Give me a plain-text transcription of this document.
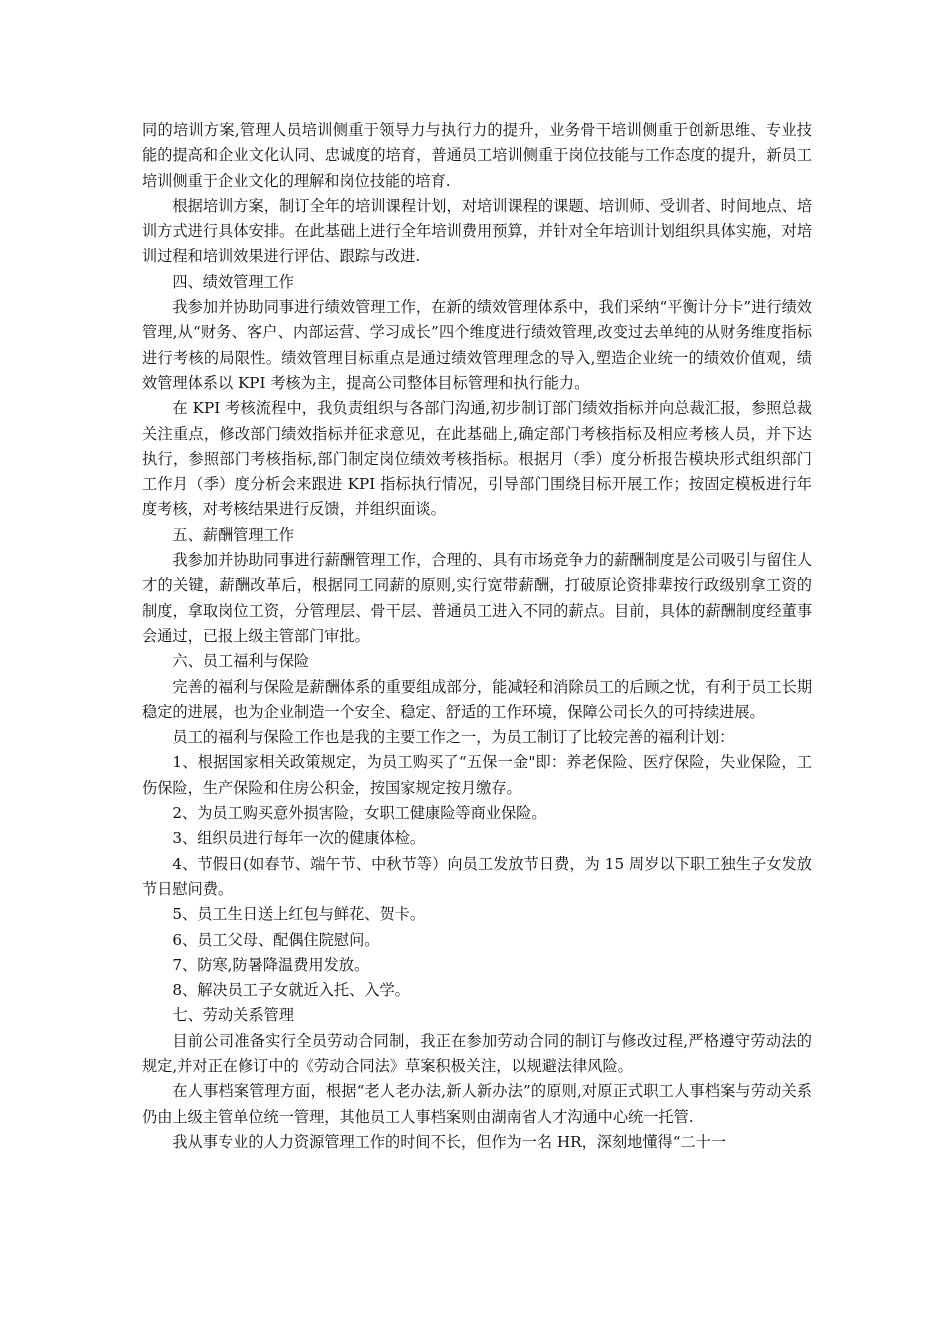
同的培训方案,管理人员培训侧重于领导力与执行力的提升，业务骨干培训侧重于创新思维、专业技能的提高和企业文化认同、忠诚度的培育，普通员工培训侧重于岗位技能与工作态度的提升，新员工培训侧重于企业文化的理解和岗位技能的培育.

根据培训方案，制订全年的培训课程计划，对培训课程的课题、培训师、受训者、时间地点、培训方式进行具体安排。在此基础上进行全年培训费用预算，并针对全年培训计划组织具体实施，对培训过程和培训效果进行评估、跟踪与改进.

四、绩效管理工作

我参加并协助同事进行绩效管理工作，在新的绩效管理体系中，我们采纳“平衡计分卡”进行绩效管理,从“财务、客户、内部运营、学习成长”四个维度进行绩效管理,改变过去单纯的从财务维度指标进行考核的局限性。绩效管理目标重点是通过绩效管理理念的导入,塑造企业统一的绩效价值观，绩效管理体系以 KPI 考核为主，提高公司整体目标管理和执行能力。

在 KPI 考核流程中，我负责组织与各部门沟通,初步制订部门绩效指标并向总裁汇报，参照总裁关注重点，修改部门绩效指标并征求意见，在此基础上,确定部门考核指标及相应考核人员，并下达执行，参照部门考核指标,部门制定岗位绩效考核指标。根据月（季）度分析报告模块形式组织部门工作月（季）度分析会来跟进 KPI 指标执行情况，引导部门围绕目标开展工作；按固定模板进行年度考核，对考核结果进行反馈，并组织面谈。

五、薪酬管理工作

我参加并协助同事进行薪酬管理工作，合理的、具有市场竞争力的薪酬制度是公司吸引与留住人才的关键，薪酬改革后，根据同工同薪的原则,实行宽带薪酬，打破原论资排辈按行政级别拿工资的制度，拿取岗位工资，分管理层、骨干层、普通员工进入不同的薪点。目前，具体的薪酬制度经董事会通过，已报上级主管部门审批。

六、员工福利与保险

完善的福利与保险是薪酬体系的重要组成部分，能减轻和消除员工的后顾之忧，有利于员工长期稳定的进展，也为企业制造一个安全、稳定、舒适的工作环境，保障公司长久的可持续进展。

员工的福利与保险工作也是我的主要工作之一，为员工制订了比较完善的福利计划：

1、根据国家相关政策规定，为员工购买了“五保一金"即：养老保险、医疗保险，失业保险，工伤保险，生产保险和住房公积金，按国家规定按月缴存。

2、为员工购买意外损害险，女职工健康险等商业保险。

3、组织员进行每年一次的健康体检。

4、节假日(如春节、端午节、中秋节等）向员工发放节日费，为 15 周岁以下职工独生子女发放节日慰问费。

5、员工生日送上红包与鲜花、贺卡。

6、员工父母、配偶住院慰问。

7、防寒,防暑降温费用发放。

8、解决员工子女就近入托、入学。

七、劳动关系管理

目前公司准备实行全员劳动合同制，我正在参加劳动合同的制订与修改过程,严格遵守劳动法的规定,并对正在修订中的《劳动合同法》草案积极关注，以规避法律风险。

在人事档案管理方面，根据“老人老办法,新人新办法”的原则,对原正式职工人事档案与劳动关系仍由上级主管单位统一管理，其他员工人事档案则由湖南省人才沟通中心统一托管.

我从事专业的人力资源管理工作的时间不长，但作为一名 HR，深刻地懂得“二十一
